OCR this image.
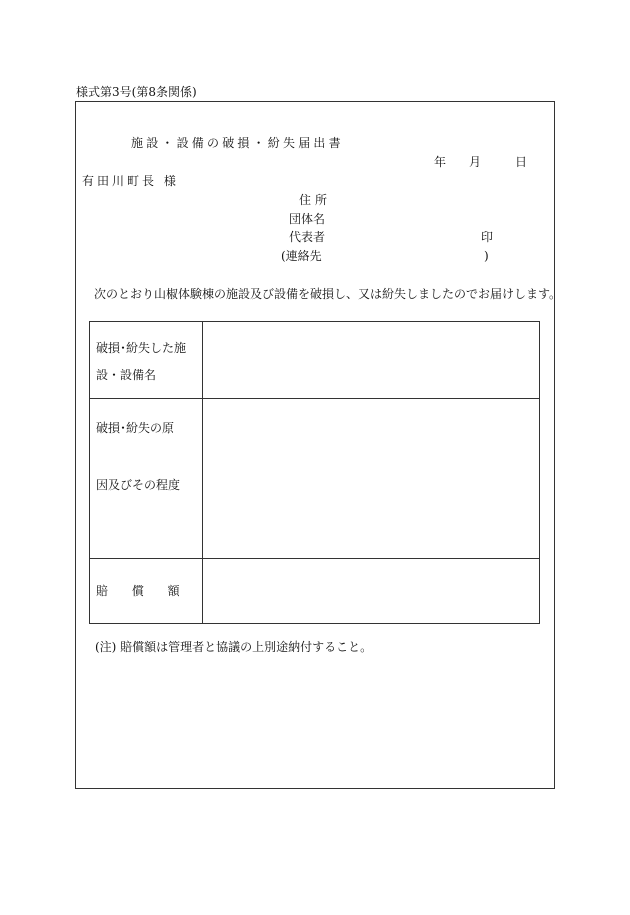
様式第3号(第8条関係)
施設・設備の破損・紛失届出書
年 月	日
有田川町長 様
住所
団体名
代表者	印
(連絡先	)
次のとおり山椒体験棟の施設及び設備を破損し、又は紛失しましたのでお届けします。
破損･紛失した施
設・設備名
破損･紛失の原
因及びその程度
賠 償 額
(注) 賠償額は管理者と協議の上別途納付すること。
